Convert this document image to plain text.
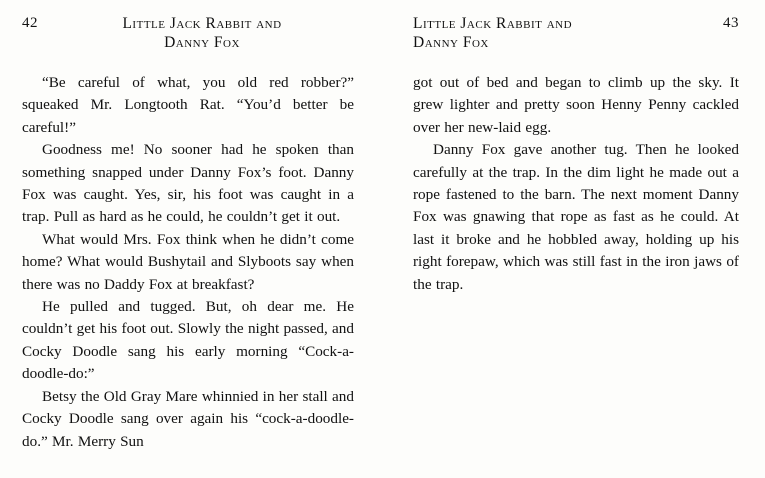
42	Little Jack Rabbit and
Danny Fox

“Be careful of what, you old red robber?” squeaked Mr. Longtooth Rat. “You’d better be careful!”

Goodness me! No sooner had he spoken than something snapped under Danny Fox’s foot. Danny Fox was caught. Yes, sir, his foot was caught in a trap. Pull as hard as he could, he couldn’t get it out.

What would Mrs. Fox think when he didn’t come home? What would Bushytail and Slyboots say when there was no Daddy Fox at breakfast?

He pulled and tugged. But, oh dear me. He couldn’t get his foot out. Slowly the night passed, and Cocky Doodle sang his early morning “Cock-a-doodle-do:”

Betsy the Old Gray Mare whinnied in her stall and Cocky Doodle sang over again his “cock-a-doodle-do.” Mr. Merry Sun

Little Jack Rabbit and
Danny Fox
43

got out of bed and began to climb up the sky. It grew lighter and pretty soon Henny Penny cackled over her new-laid egg.

Danny Fox gave another tug. Then he looked carefully at the trap. In the dim light he made out a rope fastened to the barn. The next moment Danny Fox was gnawing that rope as fast as he could. At last it broke and he hobbled away, holding up his right forepaw, which was still fast in the iron jaws of the trap.
